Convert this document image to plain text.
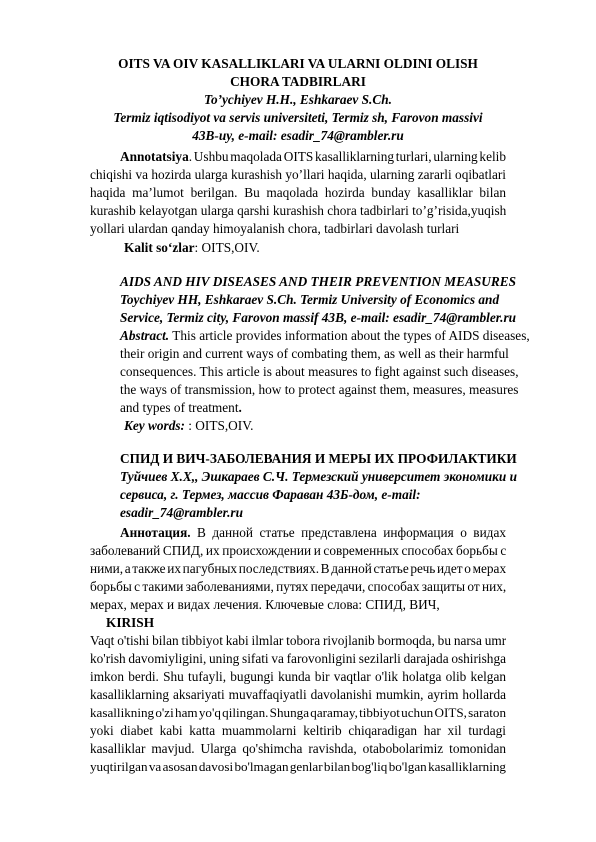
OITS VA OIV KASALLIKLARI VA ULARNI OLDINI OLISH
CHORA TADBIRLARI
To’ychiyev H.H., Eshkaraev S.Ch.
Termiz iqtisodiyot va servis universiteti, Termiz sh, Farovon massivi
43B-uy, e-mail: esadir_74@rambler.ru
Annotatsiya. Ushbu maqolada OITS kasalliklarning turlari, ularning kelib
chiqishi va hozirda ularga kurashish yo’llari haqida, ularning zararli oqibatlari
haqida ma’lumot berilgan. Bu maqolada hozirda bunday kasalliklar bilan
kurashib kelayotgan ularga qarshi kurashish chora tadbirlari to’g’risida,yuqish
yollari ulardan qanday himoyalanish chora, tadbirlari davolash turlari
Kalit so‘zlar: OITS,OIV.
AIDS AND HIV DISEASES AND THEIR PREVENTION MEASURES
Toychiyev HH, Eshkaraev S.Ch. Termiz University of Economics and
Service, Termiz city, Farovon massif 43B, e-mail: esadir_74@rambler.ru
Abstract. This article provides information about the types of AIDS diseases,
their origin and current ways of combating them, as well as their harmful
consequences. This article is about measures to fight against such diseases,
the ways of transmission, how to protect against them, measures, measures
and types of treatment.
Key words: : OITS,OIV.
СПИД И ВИЧ-ЗАБОЛЕВАНИЯ И МЕРЫ ИХ ПРОФИЛАКТИКИ
Туйчиев Х.Х,, Эшкараев С.Ч. Термезский университет экономики и
сервиса, г. Термез, массив Фараван 43Б-дом, e-mail:
esadir_74@rambler.ru
Аннотация. В данной статье представлена информация о видах
заболеваний СПИД, их происхождении и современных способах борьбы с
ними, а также их пагубных последствиях. В данной статье речь идет о мерах
борьбы с такими заболеваниями, путях передачи, способах защиты от них,
мерах, мерах и видах лечения. Ключевые слова: СПИД, ВИЧ,
KIRISH
Vaqt o'tishi bilan tibbiyot kabi ilmlar tobora rivojlanib bormoqda, bu narsa umr
ko'rish davomiyligini, uning sifati va farovonligini sezilarli darajada oshirishga
imkon berdi. Shu tufayli, bugungi kunda bir vaqtlar o'lik holatga olib kelgan
kasalliklarning aksariyati muvaffaqiyatli davolanishi mumkin, ayrim hollarda
kasallikning o'zi ham yo'q qilingan. Shunga qaramay, tibbiyot uchun OITS, saraton
yoki diabet kabi katta muammolarni keltirib chiqaradigan har xil turdagi
kasalliklar mavjud. Ularga qo'shimcha ravishda, otabobolarimiz tomonidan
yuqtirilgan va asosan davosi bo'lmagan genlar bilan bog'liq bo'lgan kasalliklarning
